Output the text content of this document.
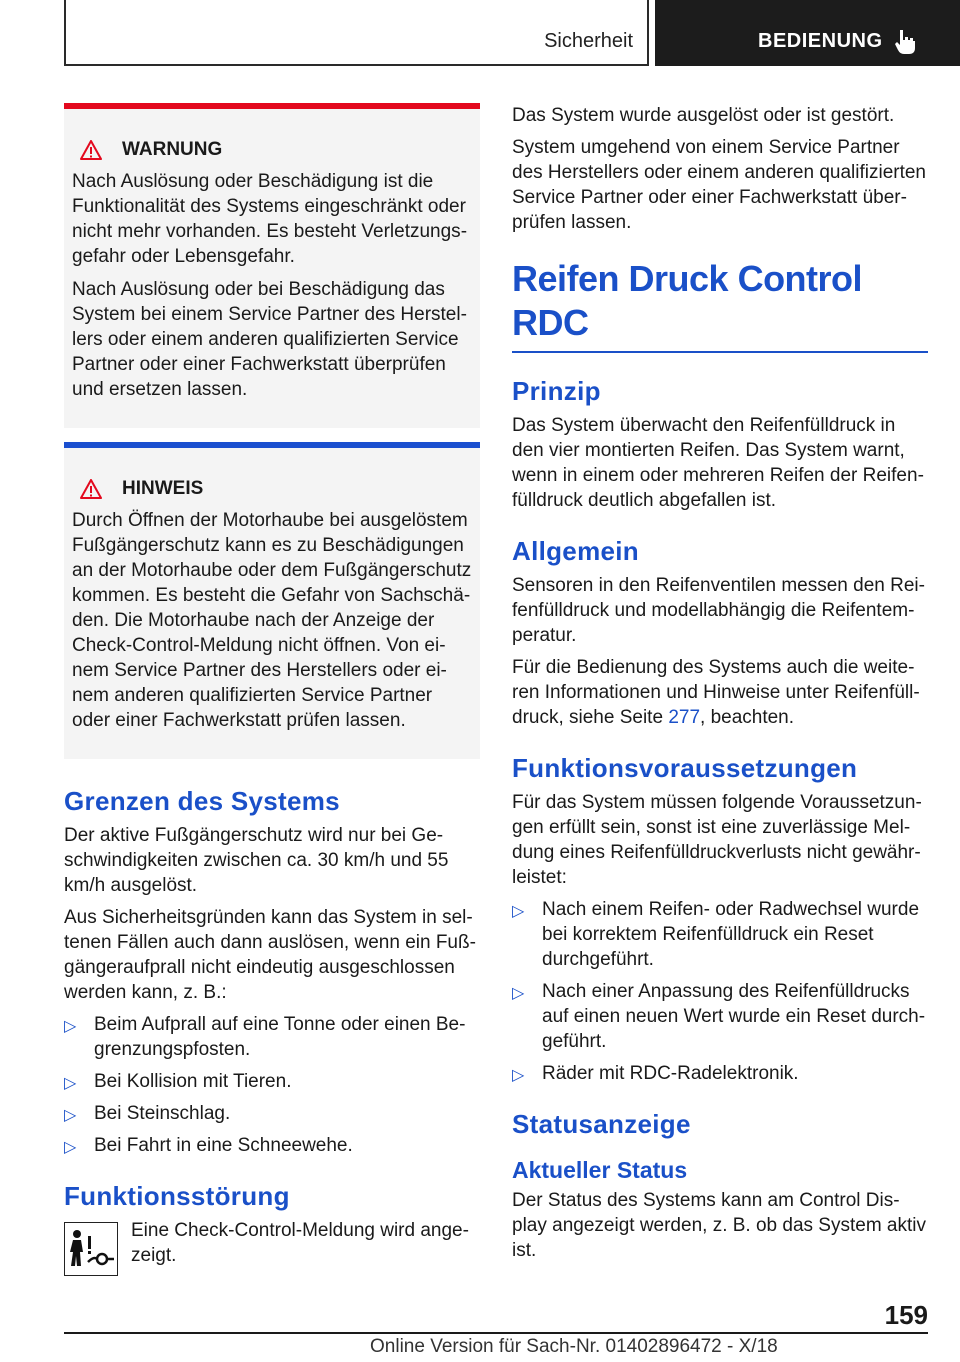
Sicherheit	BEDIENUNG
WARNUNG

Nach Auslösung oder Beschädigung ist die Funktionalität des Systems eingeschränkt oder nicht mehr vorhanden. Es besteht Verletzungsgefahr oder Lebensgefahr.

Nach Auslösung oder bei Beschädigung das System bei einem Service Partner des Herstellers oder einem anderen qualifizierten Service Partner oder einer Fachwerkstatt überprüfen und ersetzen lassen.

HINWEIS

Durch Öffnen der Motorhaube bei ausgelöstem Fußgängerschutz kann es zu Beschädigungen an der Motorhaube oder dem Fußgängerschutz kommen. Es besteht die Gefahr von Sachschäden. Die Motorhaube nach der Anzeige der Check-Control-Meldung nicht öffnen. Von einem Service Partner des Herstellers oder einem anderen qualifizierten Service Partner oder einer Fachwerkstatt prüfen lassen.

Grenzen des Systems

Der aktive Fußgängerschutz wird nur bei Geschwindigkeiten zwischen ca. 30 km/h und 55 km/h ausgelöst.

Aus Sicherheitsgründen kann das System in seltenen Fällen auch dann auslösen, wenn ein Fußgängeraufprall nicht eindeutig ausgeschlossen werden kann, z. B.:

▷ Beim Aufprall auf eine Tonne oder einen Begrenzungspfosten.
▷ Bei Kollision mit Tieren.
▷ Bei Steinschlag.
▷ Bei Fahrt in eine Schneewehe.
Funktionsstörung

Eine Check-Control-Meldung wird angezeigt.

Das System wurde ausgelöst oder ist gestört.

System umgehend von einem Service Partner des Herstellers oder einem anderen qualifizierten Service Partner oder einer Fachwerkstatt überprüfen lassen.

Reifen Druck Control RDC
Prinzip

Das System überwacht den Reifenfülldruck in den vier montierten Reifen. Das System warnt, wenn in einem oder mehreren Reifen der Reifenfülldruck deutlich abgefallen ist.

Allgemein

Sensoren in den Reifenventilen messen den Reifenfülldruck und modellabhängig die Reifentemperatur.

Für die Bedienung des Systems auch die weiteren Informationen und Hinweise unter Reifenfülldruck, siehe Seite 277, beachten.

Funktionsvoraussetzungen

Für das System müssen folgende Voraussetzungen erfüllt sein, sonst ist eine zuverlässige Meldung eines Reifenfülldruckverlusts nicht gewährleistet:

▷ Nach einem Reifen- oder Radwechsel wurde bei korrektem Reifenfülldruck ein Reset durchgeführt.
▷ Nach einer Anpassung des Reifenfülldrucks auf einen neuen Wert wurde ein Reset durchgeführt.
▷ Räder mit RDC-Radelektronik.
Statusanzeige
Aktueller Status

Der Status des Systems kann am Control Display angezeigt werden, z. B. ob das System aktiv ist.

159
Online Version für Sach-Nr. 01402896472 - X/18
